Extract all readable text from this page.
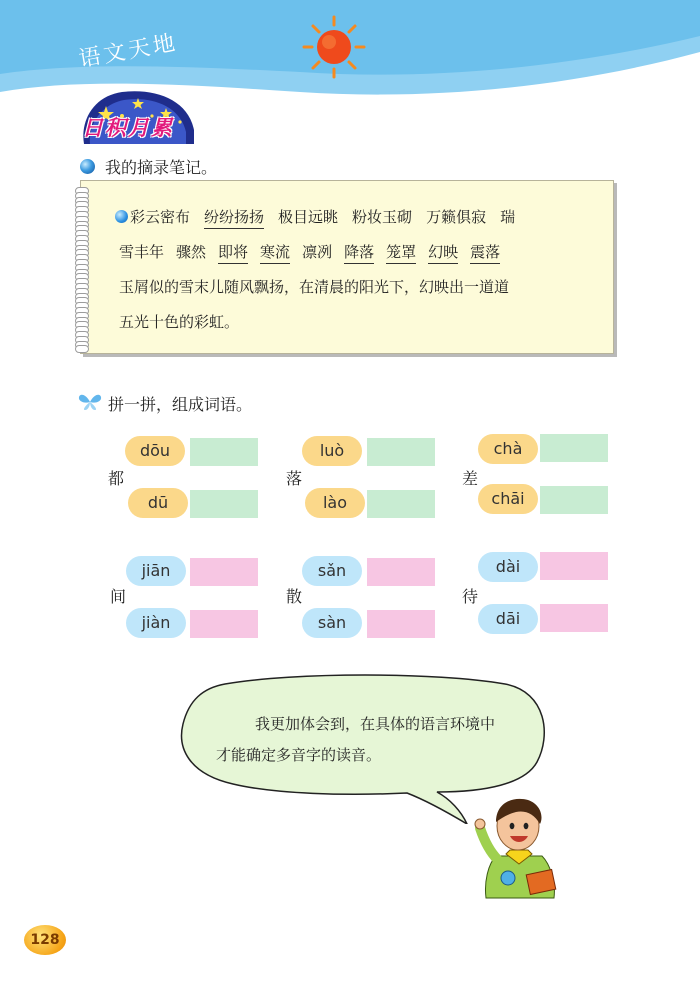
语文天地
日积月累
我的摘录笔记。
彩云密布 纷纷扬扬 极目远眺 粉妆玉砌 万籁俱寂 瑞
雪丰年 骤然 即将 寒流 凛冽 降落 笼罩 幻映 震落
玉屑似的雪末儿随风飘扬，在清晨的阳光下，幻映出一道道
五光十色的彩虹。
拼一拼，组成词语。
都
dōu
dū
落
luò
lào
差
chà
chāi
间
jiān
jiàn
散
sǎn
sàn
待
dài
dāi
我更加体会到，在具体的语言环境中
才能确定多音字的读音。
128
